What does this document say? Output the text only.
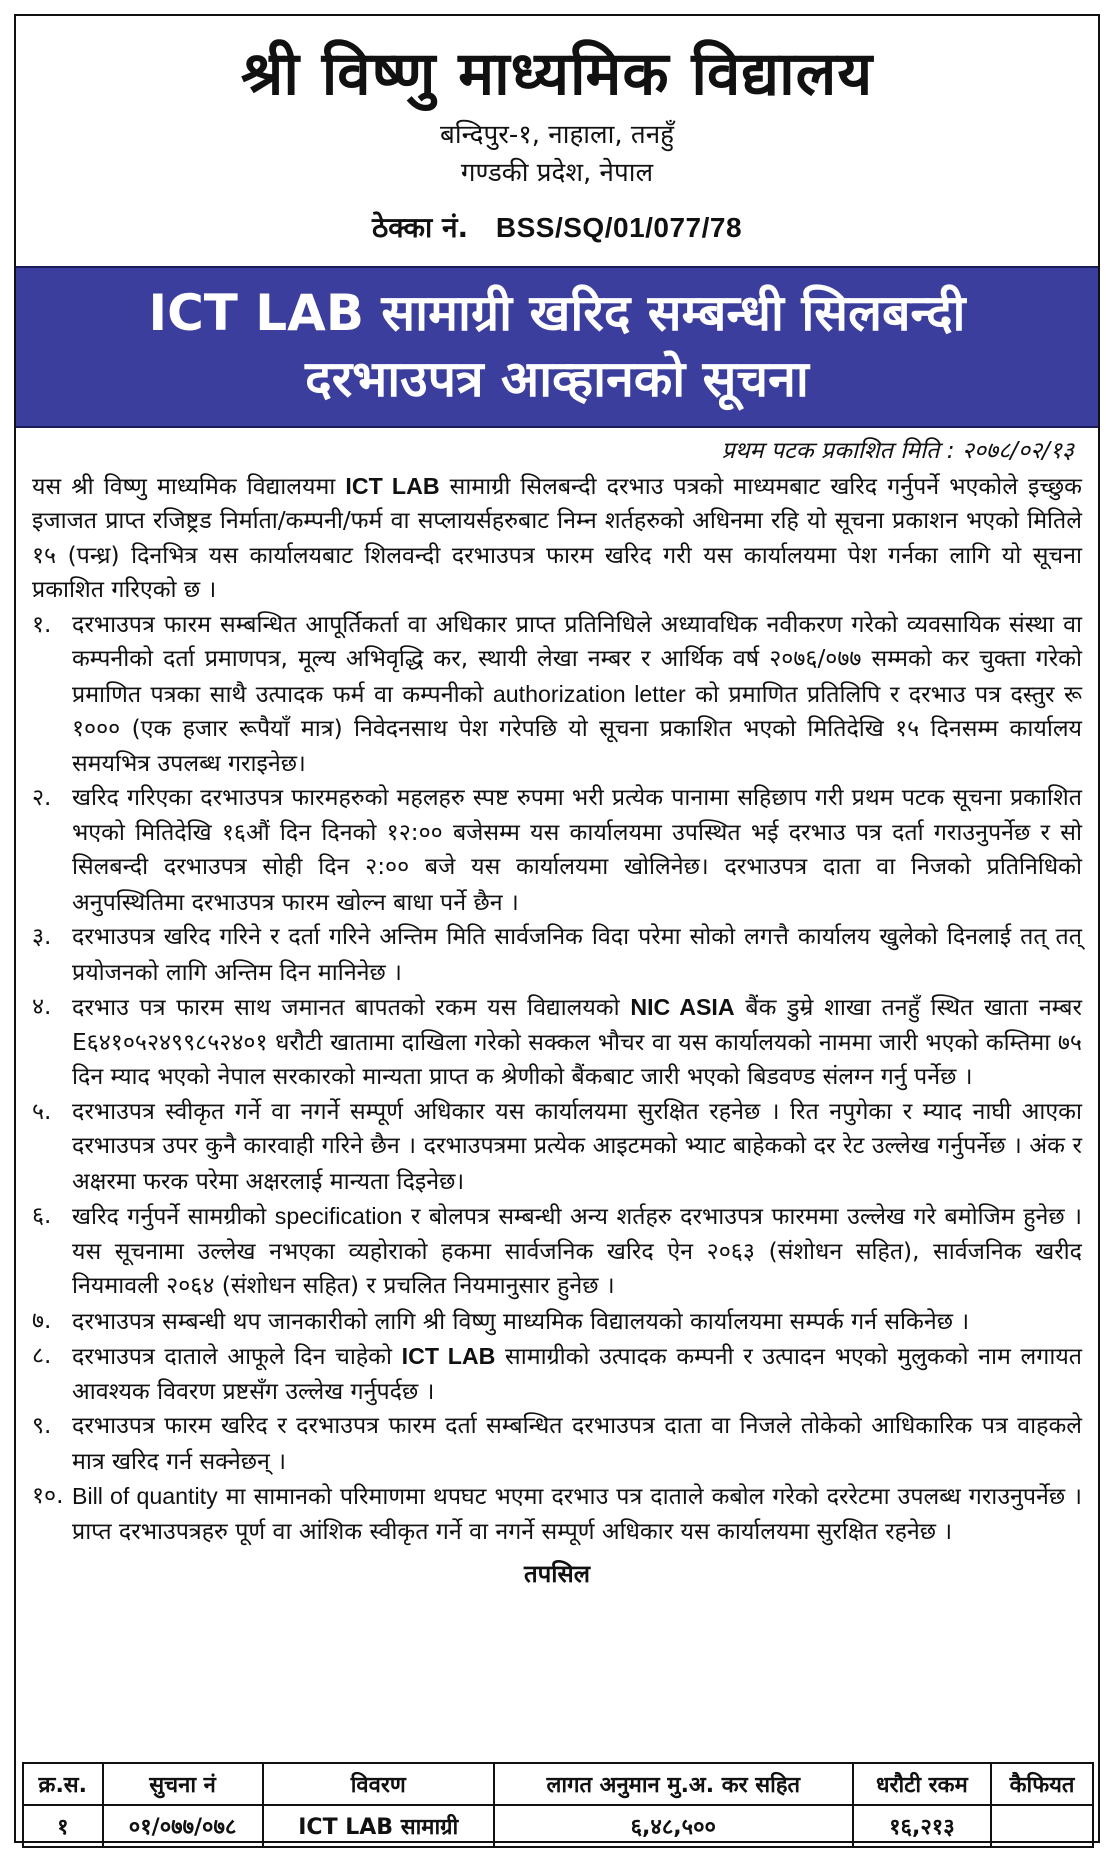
श्री विष्णु माध्यमिक विद्यालय
बन्दिपुर-१, नाहाला, तनहुँ
गण्डकी प्रदेश, नेपाल
ठेक्का नं. BSS/SQ/01/077/78
ICT LAB सामाग्री खरिद सम्बन्धी सिलबन्दी
दरभाउपत्र आव्हानको सूचना
प्रथम पटक प्रकाशित मिति : २०७८/०२/१३

यस श्री विष्णु माध्यमिक विद्यालयमा ICT LAB सामाग्री सिलबन्दी दरभाउ पत्रको माध्यमबाट खरिद गर्नुपर्ने भएकोले इच्छुक इजाजत प्राप्त रजिष्ट्रड निर्माता/कम्पनी/फर्म वा सप्लायर्सहरुबाट निम्न शर्तहरुको अधिनमा रहि यो सूचना प्रकाशन भएको मितिले १५ (पन्ध्र) दिनभित्र यस कार्यालयबाट शिलवन्दी दरभाउपत्र फारम खरिद गरी यस कार्यालयमा पेश गर्नका लागि यो सूचना प्रकाशित गरिएको छ ।

१. दरभाउपत्र फारम सम्बन्धित आपूर्तिकर्ता वा अधिकार प्राप्त प्रतिनिधिले अध्यावधिक नवीकरण गरेको व्यवसायिक संस्था वा कम्पनीको दर्ता प्रमाणपत्र, मूल्य अभिवृद्धि कर, स्थायी लेखा नम्बर र आर्थिक वर्ष २०७६/०७७ सम्मको कर चुक्ता गरेको प्रमाणित पत्रका साथै उत्पादक फर्म वा कम्पनीको authorization letter को प्रमाणित प्रतिलिपि र दरभाउ पत्र दस्तुर रू १००० (एक हजार रूपैयाँ मात्र) निवेदनसाथ पेश गरेपछि यो सूचना प्रकाशित भएको मितिदेखि १५ दिनसम्म कार्यालय समयभित्र उपलब्ध गराइनेछ।
२. खरिद गरिएका दरभाउपत्र फारमहरुको महलहरु स्पष्ट रुपमा भरी प्रत्येक पानामा सहिछाप गरी प्रथम पटक सूचना प्रकाशित भएको मितिदेखि १६औं दिन दिनको १२:०० बजेसम्म यस कार्यालयमा उपस्थित भई दरभाउ पत्र दर्ता गराउनुपर्नेछ र सो सिलबन्दी दरभाउपत्र सोही दिन २:०० बजे यस कार्यालयमा खोलिनेछ। दरभाउपत्र दाता वा निजको प्रतिनिधिको अनुपस्थितिमा दरभाउपत्र फारम खोल्न बाधा पर्ने छैन ।
३. दरभाउपत्र खरिद गरिने र दर्ता गरिने अन्तिम मिति सार्वजनिक विदा परेमा सोको लगत्तै कार्यालय खुलेको दिनलाई तत् तत् प्रयोजनको लागि अन्तिम दिन मानिनेछ ।
४. दरभाउ पत्र फारम साथ जमानत बापतको रकम यस विद्यालयको NIC ASIA बैंक डुम्रे शाखा तनहुँ स्थित खाता नम्बर E६४१०५२४९९८५२४०१ धरौटी खातामा दाखिला गरेको सक्कल भौचर वा यस कार्यालयको नाममा जारी भएको कम्तिमा ७५ दिन म्याद भएको नेपाल सरकारको मान्यता प्राप्त क श्रेणीको बैंकबाट जारी भएको बिडवण्ड संलग्न गर्नु पर्नेछ ।
५. दरभाउपत्र स्वीकृत गर्ने वा नगर्ने सम्पूर्ण अधिकार यस कार्यालयमा सुरक्षित रहनेछ । रित नपुगेका र म्याद नाघी आएका दरभाउपत्र उपर कुनै कारवाही गरिने छैन । दरभाउपत्रमा प्रत्येक आइटमको भ्याट बाहेकको दर रेट उल्लेख गर्नुपर्नेछ । अंक र अक्षरमा फरक परेमा अक्षरलाई मान्यता दिइनेछ।
६. खरिद गर्नुपर्ने सामग्रीको specification र बोलपत्र सम्बन्धी अन्य शर्तहरु दरभाउपत्र फारममा उल्लेख गरे बमोजिम हुनेछ । यस सूचनामा उल्लेख नभएका व्यहोराको हकमा सार्वजनिक खरिद ऐन २०६३ (संशोधन सहित), सार्वजनिक खरीद नियमावली २०६४ (संशोधन सहित) र प्रचलित नियमानुसार हुनेछ ।
७. दरभाउपत्र सम्बन्धी थप जानकारीको लागि श्री विष्णु माध्यमिक विद्यालयको कार्यालयमा सम्पर्क गर्न सकिनेछ ।
८. दरभाउपत्र दाताले आफूले दिन चाहेको ICT LAB सामाग्रीको उत्पादक कम्पनी र उत्पादन भएको मुलुकको नाम लगायत आवश्यक विवरण प्रष्टसँग उल्लेख गर्नुपर्दछ ।
९. दरभाउपत्र फारम खरिद र दरभाउपत्र फारम दर्ता सम्बन्धित दरभाउपत्र दाता वा निजले तोकेको आधिकारिक पत्र वाहकले मात्र खरिद गर्न सक्नेछन् ।
१०. Bill of quantity मा सामानको परिमाणमा थपघट भएमा दरभाउ पत्र दाताले कबोल गरेको दररेटमा उपलब्ध गराउनुपर्नेछ । प्राप्त दरभाउपत्रहरु पूर्ण वा आंशिक स्वीकृत गर्ने वा नगर्ने सम्पूर्ण अधिकार यस कार्यालयमा सुरक्षित रहनेछ ।
तपसिल
क्र.स.	सुचना नं	विवरण	लागत अनुमान मु.अ. कर सहित	धरौटी रकम	कैफियत
१	०१/०७७/०७८	ICT LAB सामाग्री	६,४८,५००	१६,२१३	
